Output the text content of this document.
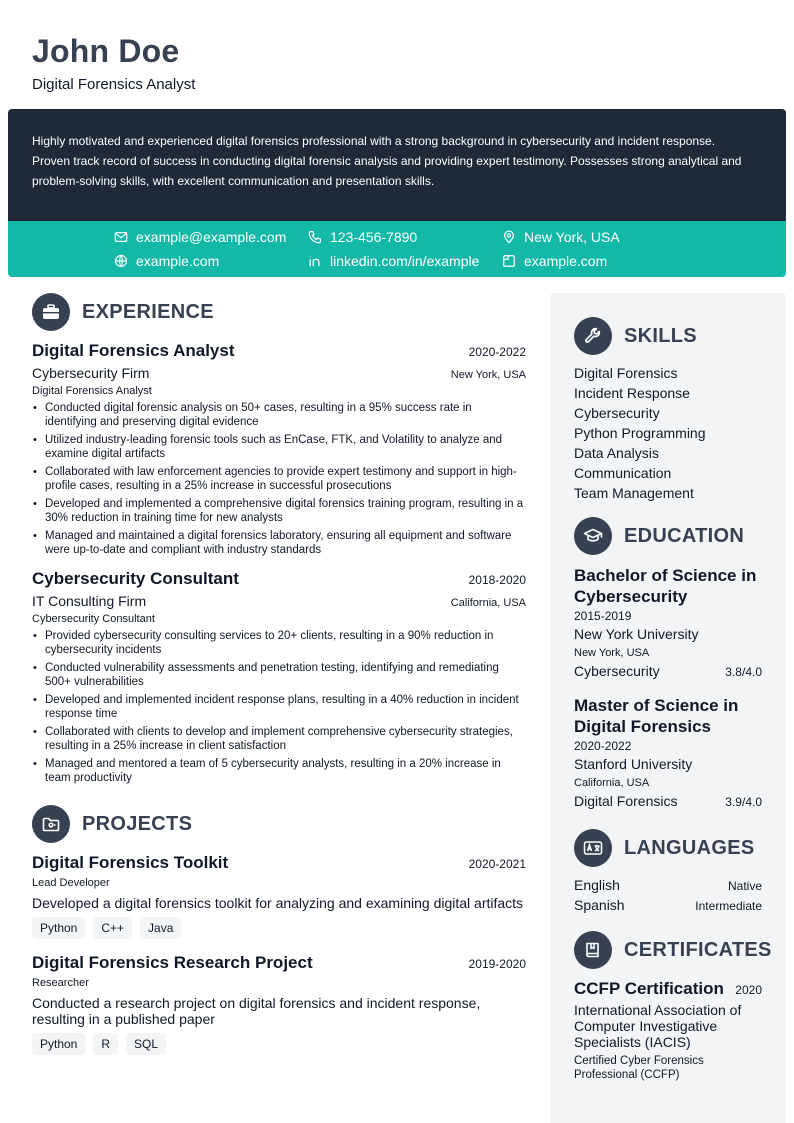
John Doe
Digital Forensics Analyst

Highly motivated and experienced digital forensics professional with a strong background in cybersecurity and incident response. Proven track record of success in conducting digital forensic analysis and providing expert testimony. Possesses strong analytical and problem-solving skills, with excellent communication and presentation skills.

example@example.com	123-456-7890	New York, USA
example.com	linkedin.com/in/example	example.com
EXPERIENCE
Digital Forensics Analyst	2020-2022
Cybersecurity Firm	New York, USA
Digital Forensics Analyst
• Conducted digital forensic analysis on 50+ cases, resulting in a 95% success rate in identifying and preserving digital evidence
• Utilized industry-leading forensic tools such as EnCase, FTK, and Volatility to analyze and examine digital artifacts
• Collaborated with law enforcement agencies to provide expert testimony and support in high-profile cases, resulting in a 25% increase in successful prosecutions
• Developed and implemented a comprehensive digital forensics training program, resulting in a 30% reduction in training time for new analysts
• Managed and maintained a digital forensics laboratory, ensuring all equipment and software were up-to-date and compliant with industry standards
Cybersecurity Consultant	2018-2020
IT Consulting Firm	California, USA
Cybersecurity Consultant
• Provided cybersecurity consulting services to 20+ clients, resulting in a 90% reduction in cybersecurity incidents
• Conducted vulnerability assessments and penetration testing, identifying and remediating 500+ vulnerabilities
• Developed and implemented incident response plans, resulting in a 40% reduction in incident response time
• Collaborated with clients to develop and implement comprehensive cybersecurity strategies, resulting in a 25% increase in client satisfaction
• Managed and mentored a team of 5 cybersecurity analysts, resulting in a 20% increase in team productivity
PROJECTS
Digital Forensics Toolkit	2020-2021
Lead Developer
Developed a digital forensics toolkit for analyzing and examining digital artifacts
Python	C++	Java
Digital Forensics Research Project	2019-2020
Researcher
Conducted a research project on digital forensics and incident response, resulting in a published paper
Python	R	SQL
SKILLS
Digital Forensics
Incident Response
Cybersecurity
Python Programming
Data Analysis
Communication
Team Management
EDUCATION
Bachelor of Science in Cybersecurity
2015-2019
New York University
New York, USA
Cybersecurity	3.8/4.0
Master of Science in Digital Forensics
2020-2022
Stanford University
California, USA
Digital Forensics	3.9/4.0
LANGUAGES
English	Native
Spanish	Intermediate
CERTIFICATES
CCFP Certification 2020
International Association of Computer Investigative Specialists (IACIS)
Certified Cyber Forensics Professional (CCFP)
